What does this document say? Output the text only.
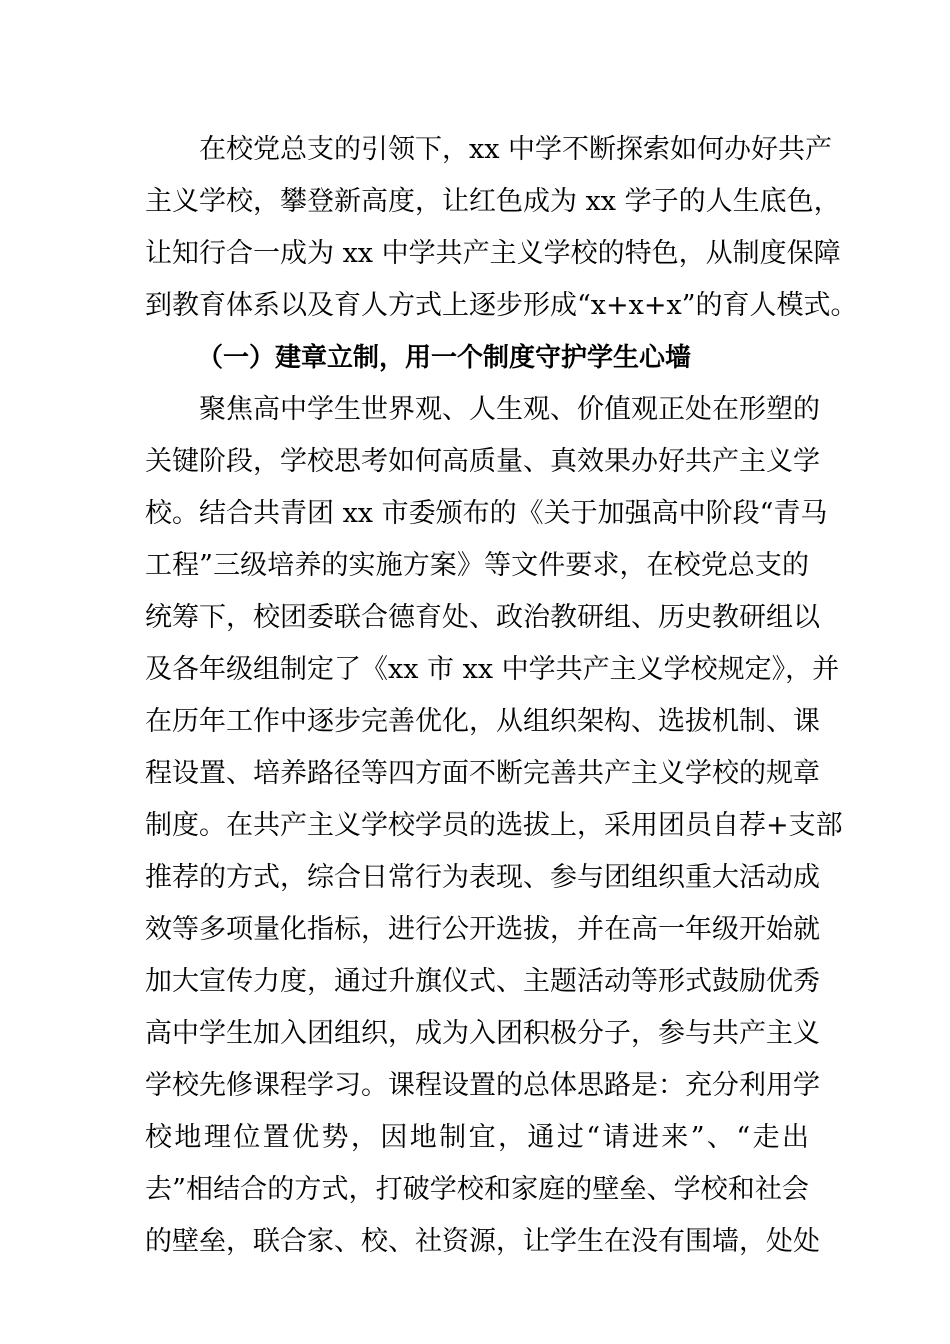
在校党总支的引领下，xx 中学不断探索如何办好共产
主义学校，攀登新高度，让红色成为 xx 学子的人生底色，
让知行合一成为 xx 中学共产主义学校的特色，从制度保障
到教育体系以及育人方式上逐步形成“x+x+x”的育人模式。
（一）建章立制，用一个制度守护学生心墙
聚焦高中学生世界观、人生观、价值观正处在形塑的
关键阶段，学校思考如何高质量、真效果办好共产主义学
校。结合共青团 xx 市委颁布的《关于加强高中阶段“青马
工程”三级培养的实施方案》等文件要求，在校党总支的
统筹下，校团委联合德育处、政治教研组、历史教研组以
及各年级组制定了《xx 市 xx 中学共产主义学校规定》，并
在历年工作中逐步完善优化，从组织架构、选拔机制、课
程设置、培养路径等四方面不断完善共产主义学校的规章
制度。在共产主义学校学员的选拔上，采用团员自荐+支部
推荐的方式，综合日常行为表现、参与团组织重大活动成
效等多项量化指标，进行公开选拔，并在高一年级开始就
加大宣传力度，通过升旗仪式、主题活动等形式鼓励优秀
高中学生加入团组织，成为入团积极分子，参与共产主义
学校先修课程学习。课程设置的总体思路是：充分利用学
校地理位置优势，因地制宜，通过“请进来”、“走出
去”相结合的方式，打破学校和家庭的壁垒、学校和社会
的壁垒，联合家、校、社资源，让学生在没有围墙，处处
